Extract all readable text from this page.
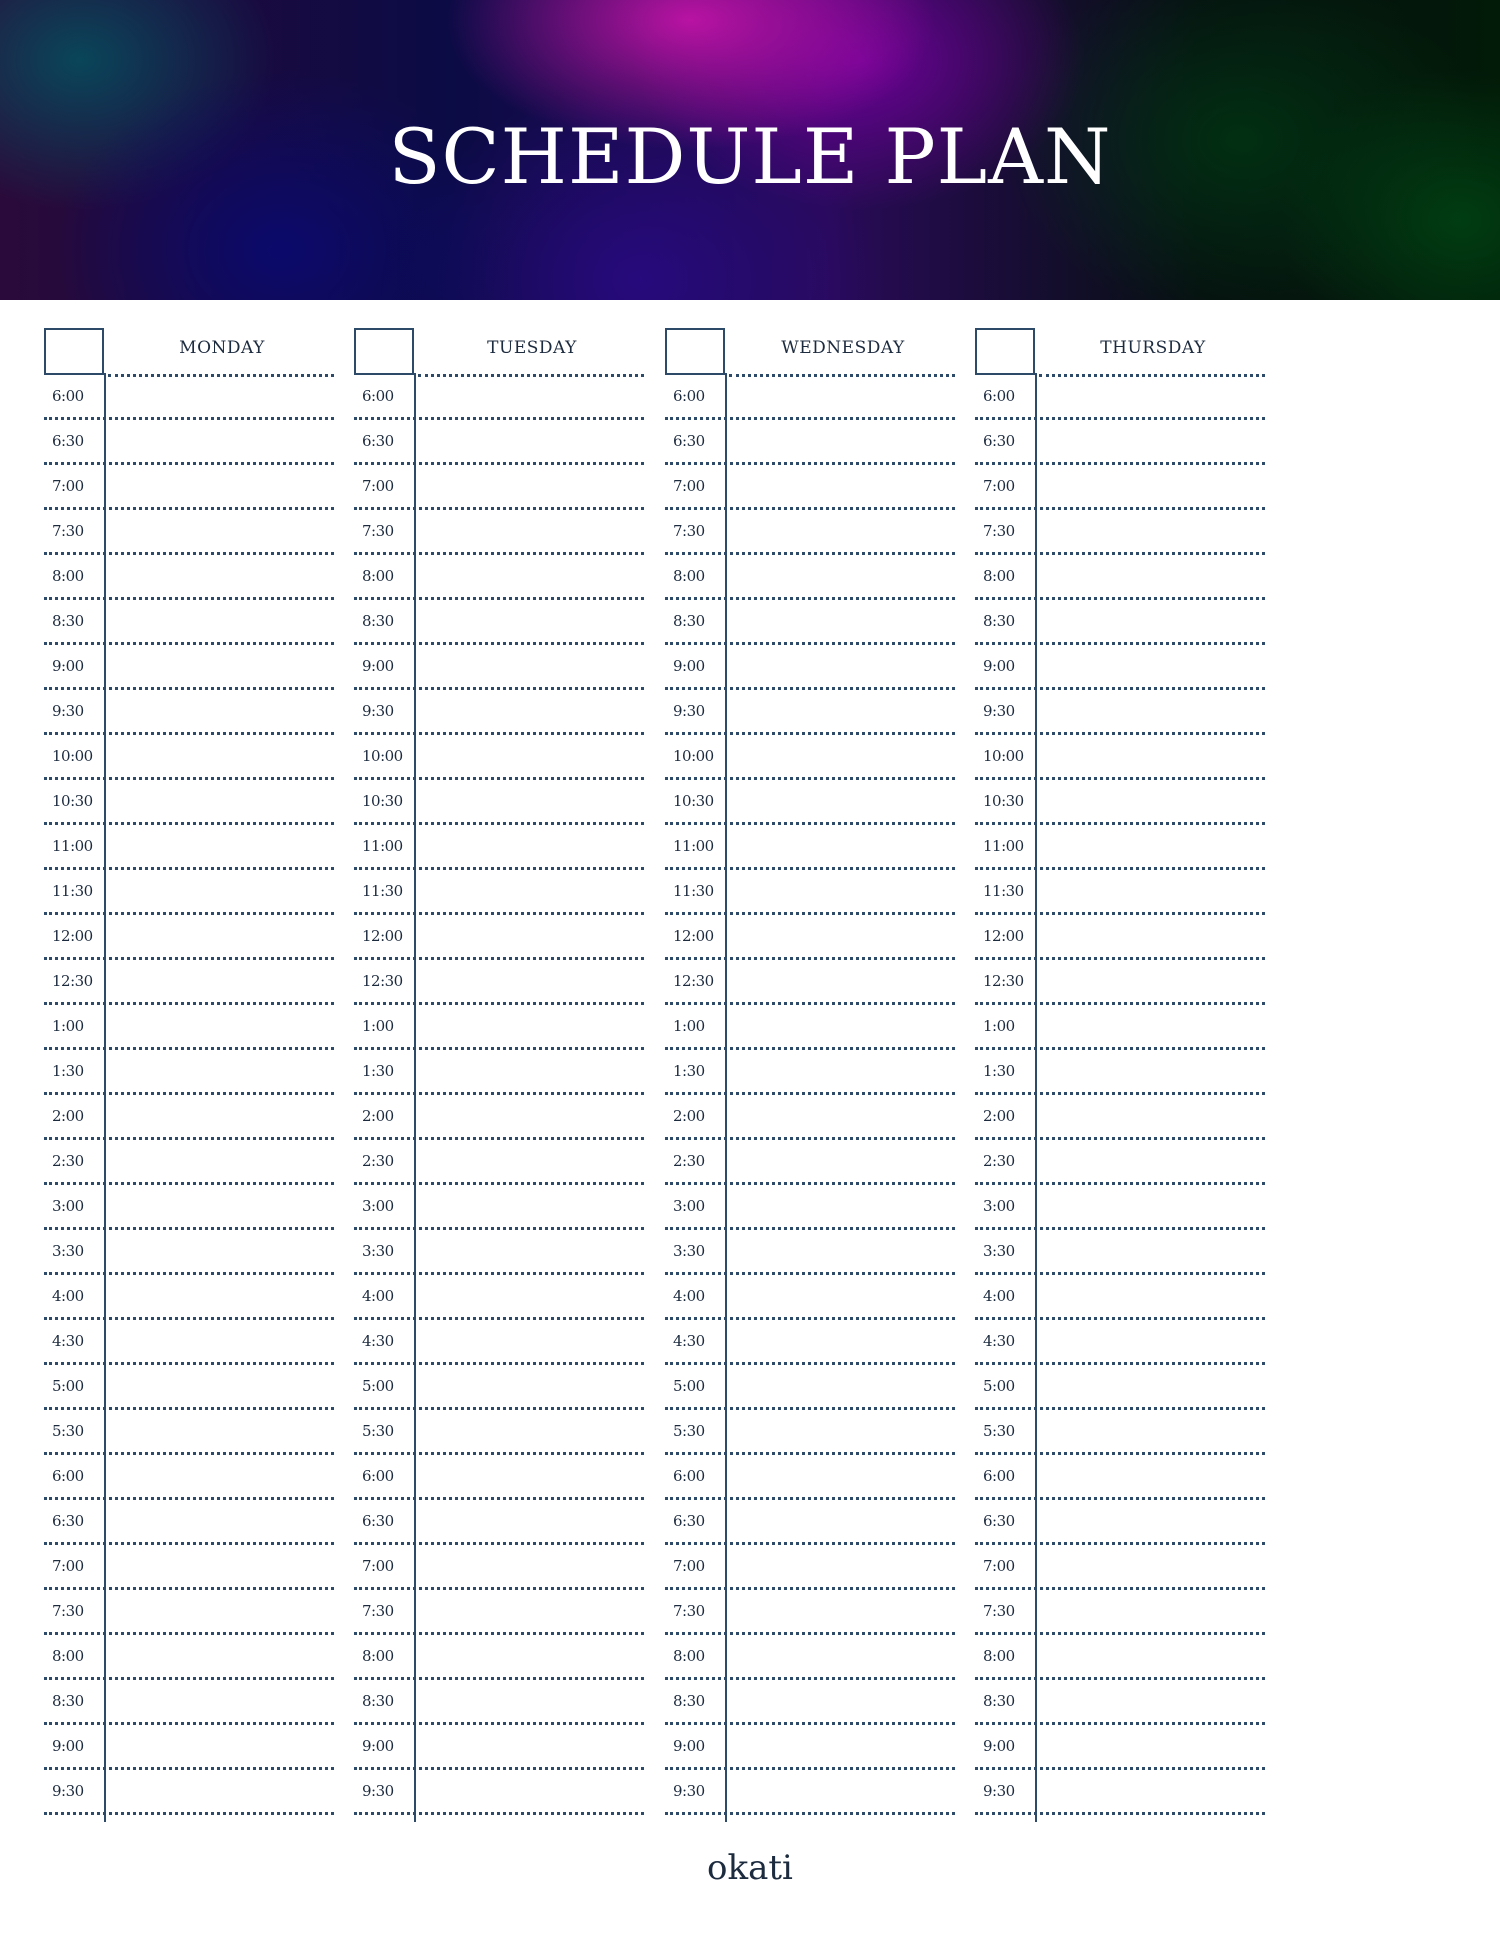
SCHEDULE PLAN
MONDAY
6:00
6:30
7:00
7:30
8:00
8:30
9:00
9:30
10:00
10:30
11:00
11:30
12:00
12:30
1:00
1:30
2:00
2:30
3:00
3:30
4:00
4:30
5:00
5:30
6:00
6:30
7:00
7:30
8:00
8:30
9:00
9:30
TUESDAY
6:00
6:30
7:00
7:30
8:00
8:30
9:00
9:30
10:00
10:30
11:00
11:30
12:00
12:30
1:00
1:30
2:00
2:30
3:00
3:30
4:00
4:30
5:00
5:30
6:00
6:30
7:00
7:30
8:00
8:30
9:00
9:30
WEDNESDAY
6:00
6:30
7:00
7:30
8:00
8:30
9:00
9:30
10:00
10:30
11:00
11:30
12:00
12:30
1:00
1:30
2:00
2:30
3:00
3:30
4:00
4:30
5:00
5:30
6:00
6:30
7:00
7:30
8:00
8:30
9:00
9:30
THURSDAY
6:00
6:30
7:00
7:30
8:00
8:30
9:00
9:30
10:00
10:30
11:00
11:30
12:00
12:30
1:00
1:30
2:00
2:30
3:00
3:30
4:00
4:30
5:00
5:30
6:00
6:30
7:00
7:30
8:00
8:30
9:00
9:30
okati
